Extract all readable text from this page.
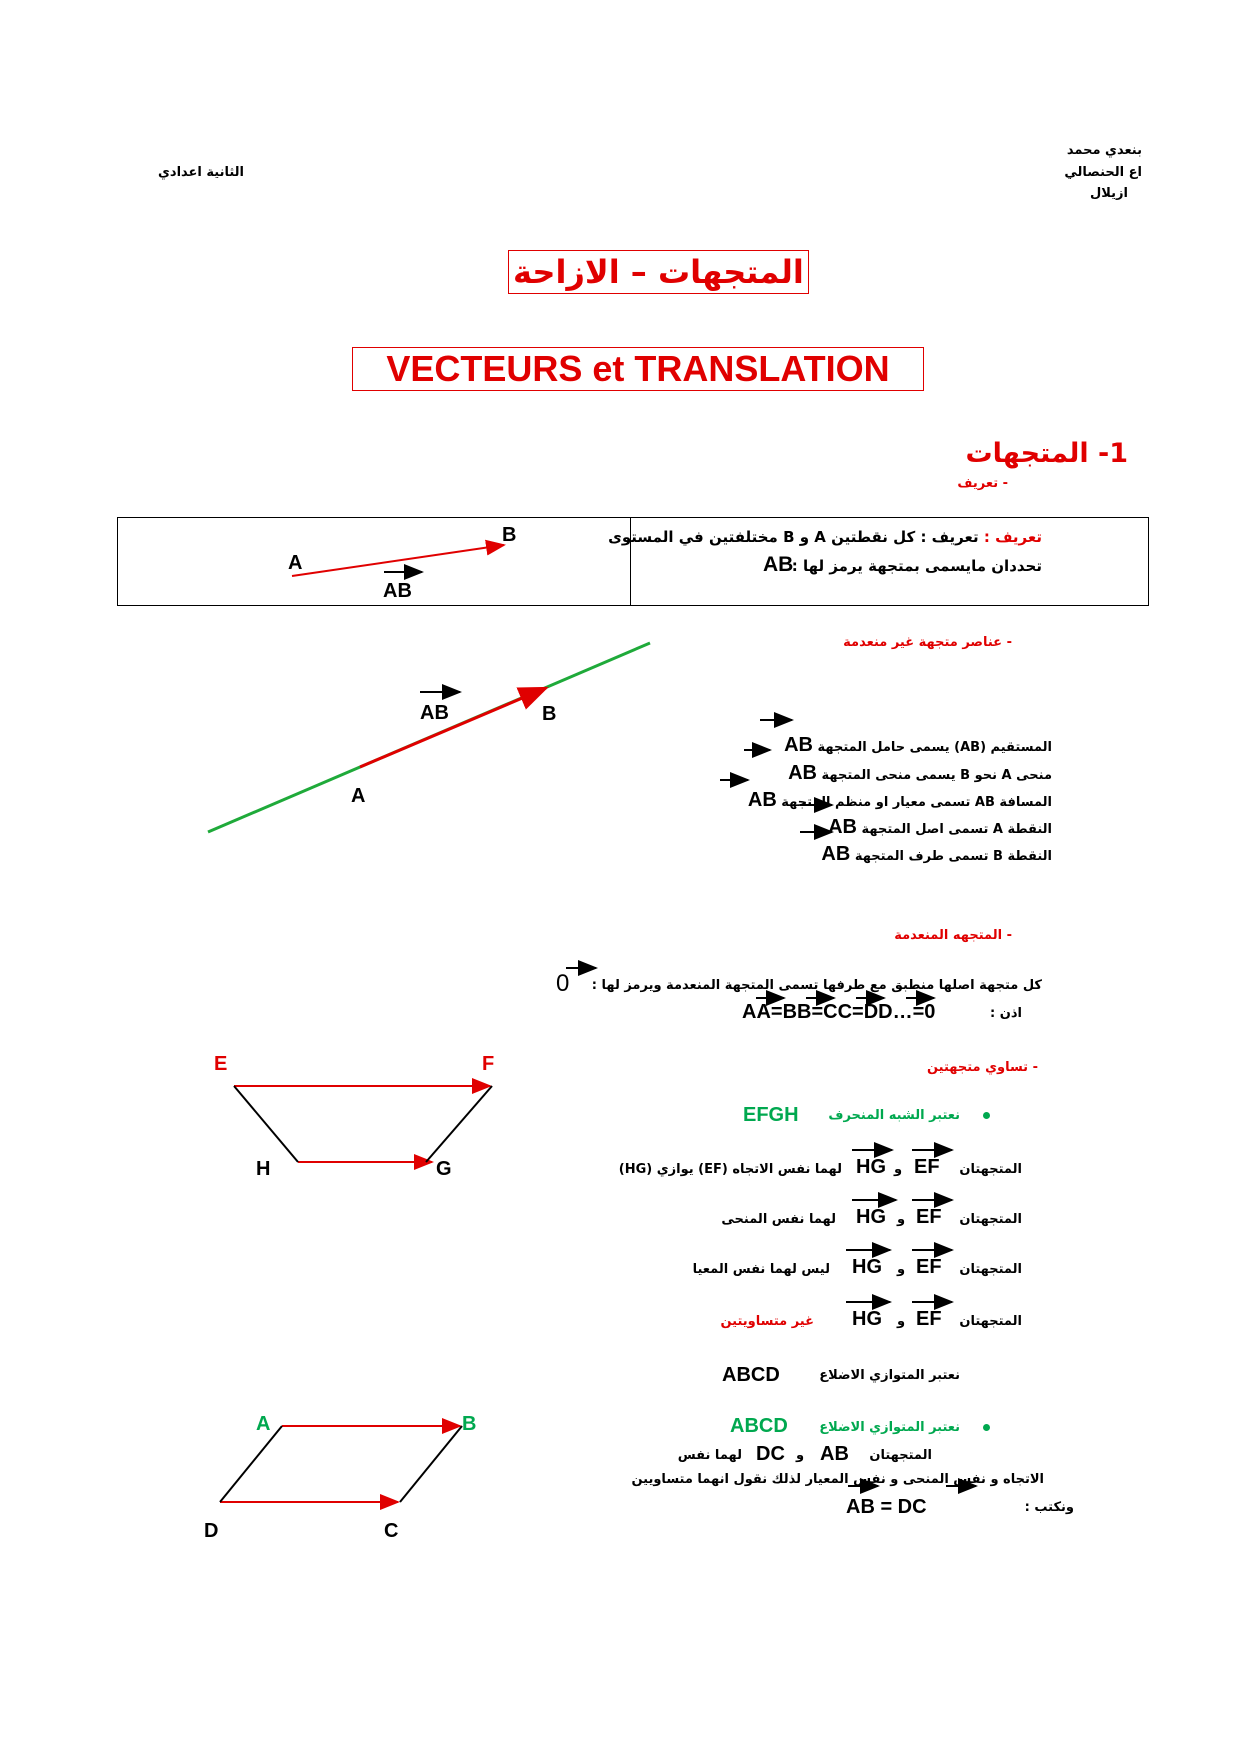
بنعدي محمد
اع الحنصالي
ازيلال
الثانية اعدادي
المتجهات – الازاحة
VECTEURS et TRANSLATION
1- المتجهات
- تعريف
تعريف : تعريف : كل نقطتين A و B مختلفتين في المستوى
تحددان مايسمى بمتجهة يرمز لها :
AB
A
B
AB
- عناصر متجهة غير منعدمة
AB	B
A
المستقيم (AB) يسمى حامل المتجهة AB
منحى A نحو B يسمى منحى المتجهة AB
المسافة AB تسمى معيار او منظم المتجهة AB
النقطة A تسمى اصل المتجهة AB
النقطة B تسمى طرف المتجهة AB
- المتجهه المنعدمة
كل متجهة اصلها منطبق مع طرفها تسمى المتجهة المنعدمة ويرمز لها :
0
اذن :
AA=BB=CC=DD…=0
- تساوي متجهتين
E	F
H	G
نعتبر الشبه المنحرف
EFGH
المتجهتان
EF
و
HG
لهما نفس الاتجاه (EF) يوازي (HG)
المتجهتان
EF
و
HG
لهما نفس المنحى
المتجهتان
EF
و
HG
ليس لهما نفس المعيا
المتجهتان
EF
و
HG
غير متساويتين
نعتبر المتوازي الاضلاع
ABCD
A	B
D	C
نعتبر المتوازي الاضلاع
ABCD
المتجهتان
AB
و
DC
لهما نفس
الاتجاه و نفس المنحى و نفس المعيار لذلك نقول انهما متساويين
ونكتب :
AB = DC
